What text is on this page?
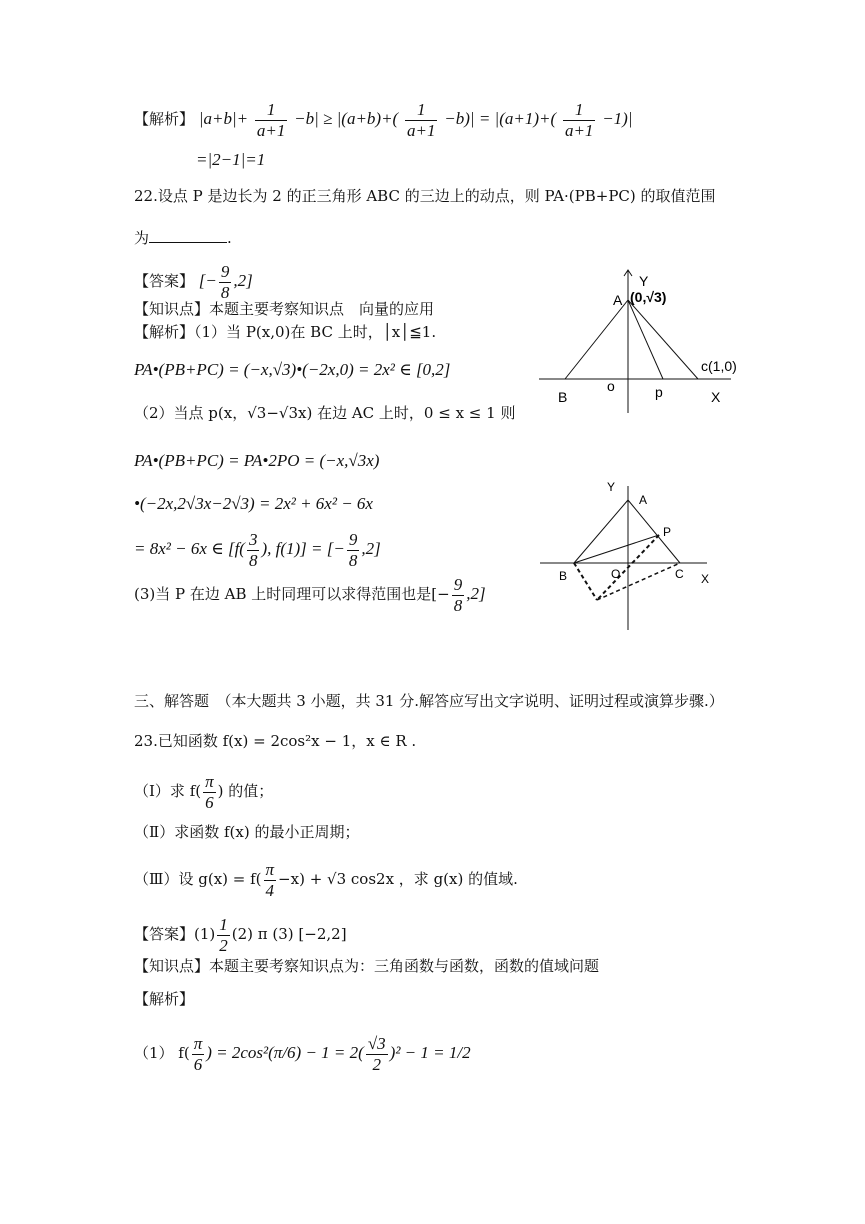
【解析】 $|a+b|+ \frac{1}{a+1} -b| \ge |(a+b)+( \frac{1}{a+1} -b)| = |(a+1)+( \frac{1}{a+1} -1)|$
=|2−1|=1
22.设点 P 是边长为 2 的正三角形 ABC 的三边上的动点，则 PA·(PB+PC) 的取值范围
为	.
【答案】 [− $\frac{9}{8} ,2$]
【知识点】本题主要考察知识点　向量的应用
【解析】（1）当 P(x,0)在 BC 上时，│x│≦1.
PA•(PB+PC) = (−x,√3)•(−2x,0) = 2x² ∈ [0,2]
（2）当点 p(x，√3−√3x) 在边 AC 上时，0 ≤ x ≤ 1 则
PA•(PB+PC) = PA•2PO = (−x,√3x)
•(−2x,2√3x−2√3) = 2x² + 6x² − 6x
= 8x² − 6x ∈ [$f( \frac{3}{8}$ ), f(1)] = [− $\frac{9}{8} ,2$]
(3)当 P 在边 AB 上时同理可以求得范围也是[− $\frac{9}{8} ,2$]
Y
A (0,√3)
c(1,0)
o	p
B	X
Y
A
P
B	O	C X
三、解答题　（本大题共 3 小题，共 31 分.解答应写出文字说明、证明过程或演算步骤.）
23.已知函数 f(x) = 2cos²x − 1，x ∈ R .
（Ⅰ）求 $f( \frac{\pi}{6}$ ) 的值；
（Ⅱ）求函数 f(x) 的最小正周期；
（Ⅲ）设 $g(x) = f( \frac{\pi}{4} -x) + √3$ cos2x ，求 g(x) 的值域.
【答案】$(1) \frac{1}{2} (2)$ π (3) [−2,2]
【知识点】本题主要考察知识点为：三角函数与函数，函数的值域问题
【解析】
（1） $f( \frac{\pi}{6}$ ) = $2\cos^2(\pi/6) - 1 = 2( \frac{√3}{2} )^2 - 1 = 1/2$
